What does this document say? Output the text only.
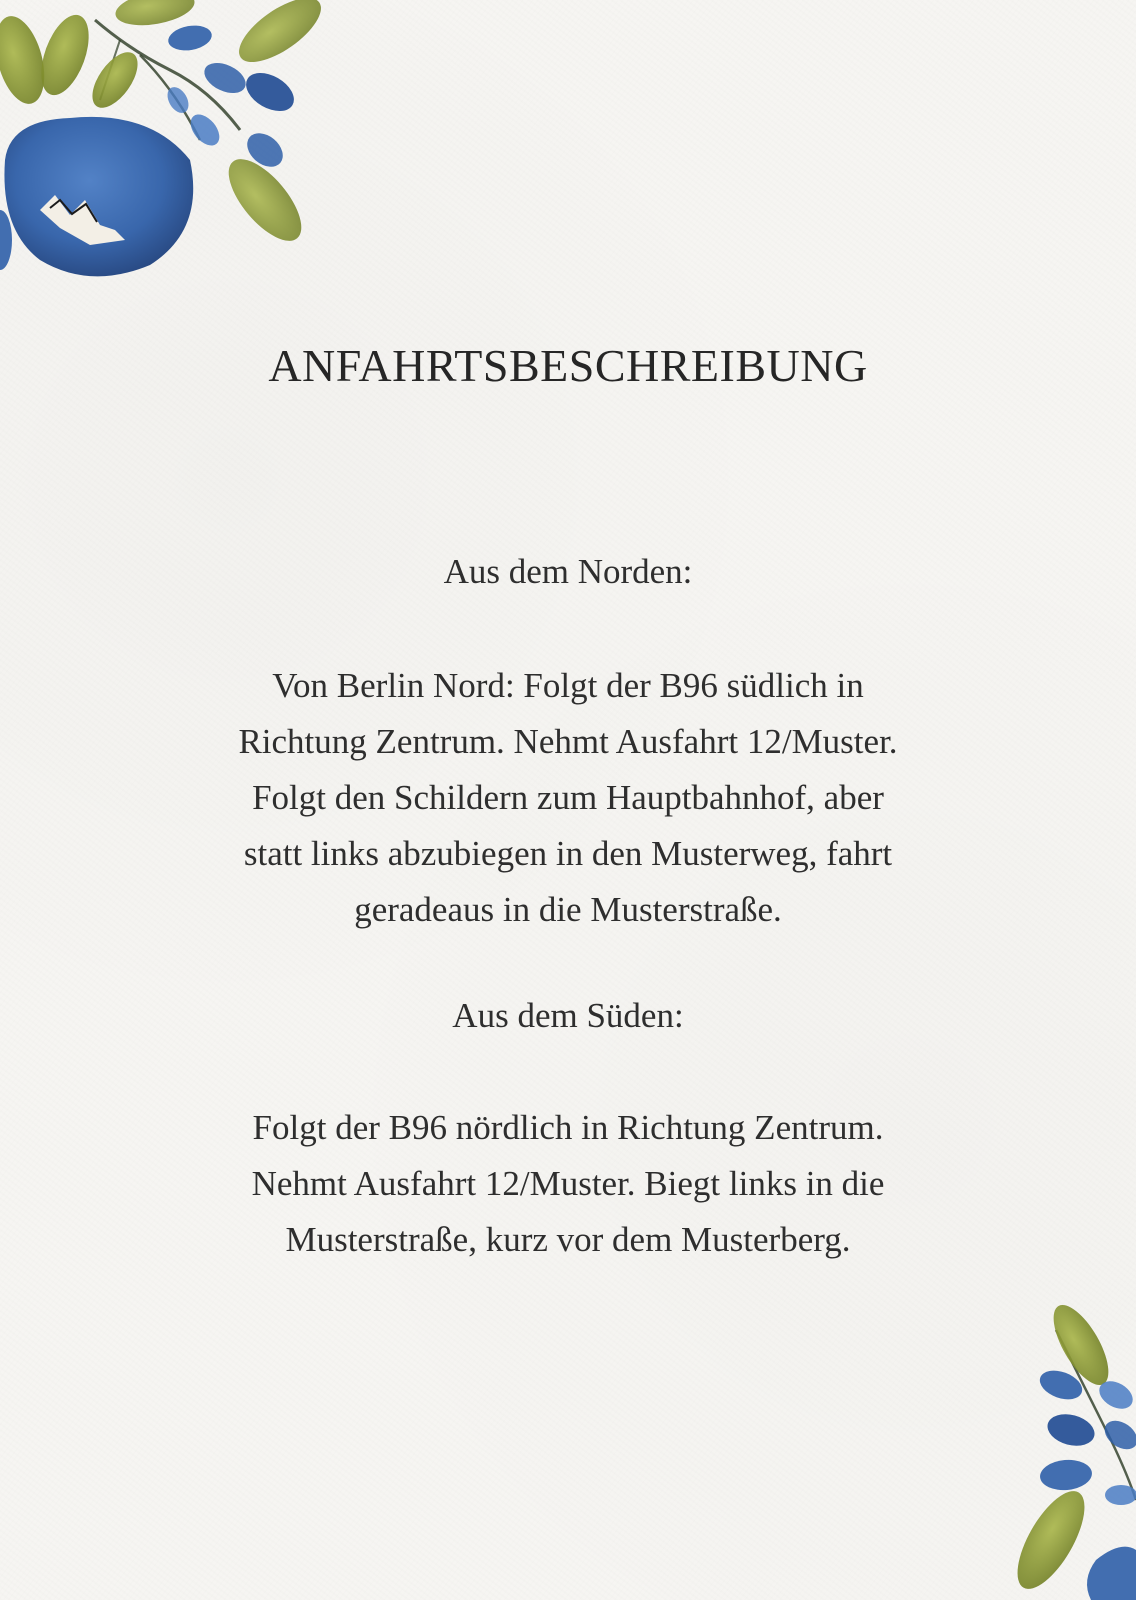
ANFAHRTSBESCHREIBUNG

Aus dem Norden:

Von Berlin Nord: Folgt der B96 südlich in
Richtung Zentrum. Nehmt Ausfahrt 12/Muster.
Folgt den Schildern zum Hauptbahnhof, aber
statt links abzubiegen in den Musterweg, fahrt
geradeaus in die Musterstraße.

Aus dem Süden:

Folgt der B96 nördlich in Richtung Zentrum.
Nehmt Ausfahrt 12/Muster. Biegt links in die
Musterstraße, kurz vor dem Musterberg.
